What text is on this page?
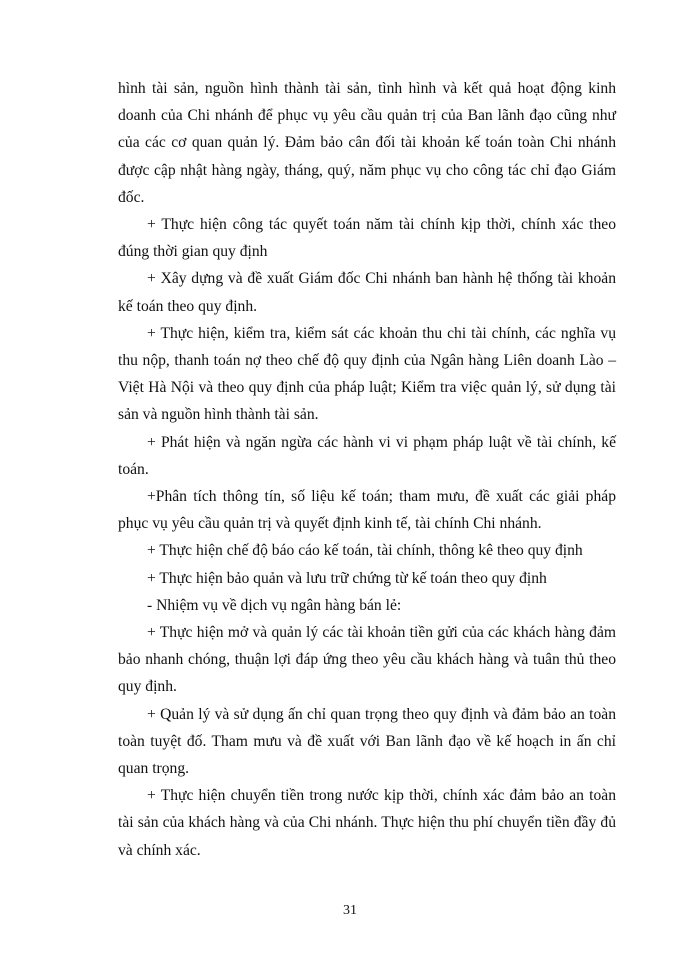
hình tài sản, nguồn hình thành tài sản, tình hình và kết quả hoạt động kinh doanh của Chi nhánh để phục vụ yêu cầu quản trị của Ban lãnh đạo cũng như của các cơ quan quản lý. Đảm bảo cân đối tài khoản kế toán toàn Chi nhánh được cập nhật hàng ngày, tháng, quý, năm phục vụ cho công tác chỉ đạo Giám đốc.

+ Thực hiện công tác quyết toán năm tài chính kịp thời, chính xác theo đúng thời gian quy định

+ Xây dựng và đề xuất Giám đốc Chi nhánh ban hành hệ thống tài khoản kế toán theo quy định.

+ Thực hiện, kiểm tra, kiểm sát các khoản thu chi tài chính, các nghĩa vụ thu nộp, thanh toán nợ theo chế độ quy định của Ngân hàng Liên doanh Lào – Việt Hà Nội và theo quy định của pháp luật; Kiểm tra việc quản lý, sử dụng tài sản và nguồn hình thành tài sản.

+ Phát hiện và ngăn ngừa các hành vi vi phạm pháp luật về tài chính, kế toán.

+Phân tích thông tín, số liệu kế toán; tham mưu, đề xuất các giải pháp phục vụ yêu cầu quản trị và quyết định kinh tế, tài chính Chi nhánh.

+ Thực hiện chế độ báo cáo kế toán, tài chính, thông kê theo quy định

+ Thực hiện bảo quản và lưu trữ chứng từ kế toán theo quy định

- Nhiệm vụ về dịch vụ ngân hàng bán lẻ:

+ Thực hiện mở và quản lý các tài khoản tiền gửi của các khách hàng đảm bảo nhanh chóng, thuận lợi đáp ứng theo yêu cầu khách hàng và tuân thủ theo quy định.

+ Quản lý và sử dụng ấn chỉ quan trọng theo quy định và đảm bảo an toàn toàn tuyệt đố. Tham mưu và đề xuất với Ban lãnh đạo về kế hoạch in ấn chỉ quan trọng.

+ Thực hiện chuyển tiền trong nước kịp thời, chính xác đảm bảo an toàn tài sản của khách hàng và của Chi nhánh. Thực hiện thu phí chuyển tiền đầy đủ và chính xác.

31
